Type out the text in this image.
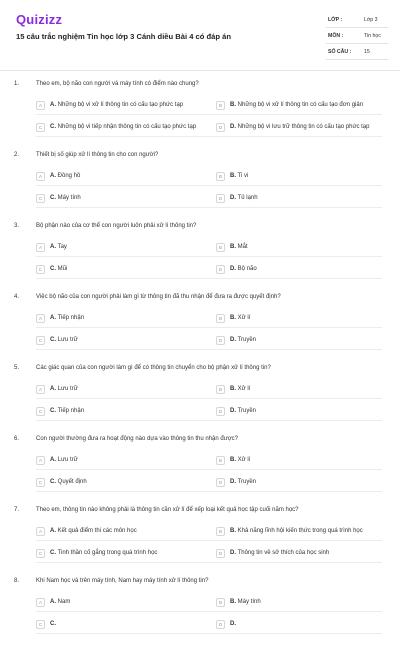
Quizizz
15 câu trắc nghiệm Tin học lớp 3 Cánh diều Bài 4 có đáp án
LỚP :	Lớp 3
MÔN :	Tin học
SỐ CÂU : 15
1.	Theo em, bộ não con người và máy tính có điểm nào chung?
A	A. Những bộ vi xử lí thông tin có cấu tạo phức tạp	B	B. Những bộ vi xử lí thông tin có cấu tạo đơn giản
C	C. Những bộ vi tiếp nhận thông tin có cấu tạo phức tạp	D	D. Những bộ vi lưu trữ thông tin có cấu tạo phức tạp
2.	Thiết bị số giúp xử lí thông tin cho con người?
A	A. Đồng hồ	B	B. Ti vi
C	C. Máy tính	D	D. Tủ lạnh
3.	Bộ phận nào của cơ thể con người luôn phải xử lí thông tin?
A	A. Tay	B	B. Mắt
C	C. Mũi	D	D. Bộ não
4.	Việc bộ não của con người phải làm gì từ thông tin đã thu nhận để đưa ra được quyết định?
A	A. Tiếp nhận	B	B. Xử lí
C	C. Lưu trữ	D	D. Truyền
5.	Các giác quan của con người làm gì để có thông tin chuyển cho bộ phận xử lí thông tin?
A	A. Lưu trữ	B	B. Xử lí
C	C. Tiếp nhận	D	D. Truyền
6.	Con người thường đưa ra hoạt động nào dựa vào thông tin thu nhận được?
A	A. Lưu trữ	B	B. Xử lí
C	C. Quyết định	D	D. Truyền
7.	Theo em, thông tin nào không phải là thông tin cần xử lí để xếp loại kết quả học tập cuối năm học?
A	A. Kết quả điểm thi các môn học	B	B. Khả năng lĩnh hội kiến thức trong quá trình học
C	C. Tinh thần cố gắng trong quá trình học	D	D. Thông tin về sở thích của học sinh
8.	Khi Nam học và trên máy tính, Nam hay máy tính xử lí thông tin?
A	A. Nam	B	B. Máy tính
C	C.	D	D.
